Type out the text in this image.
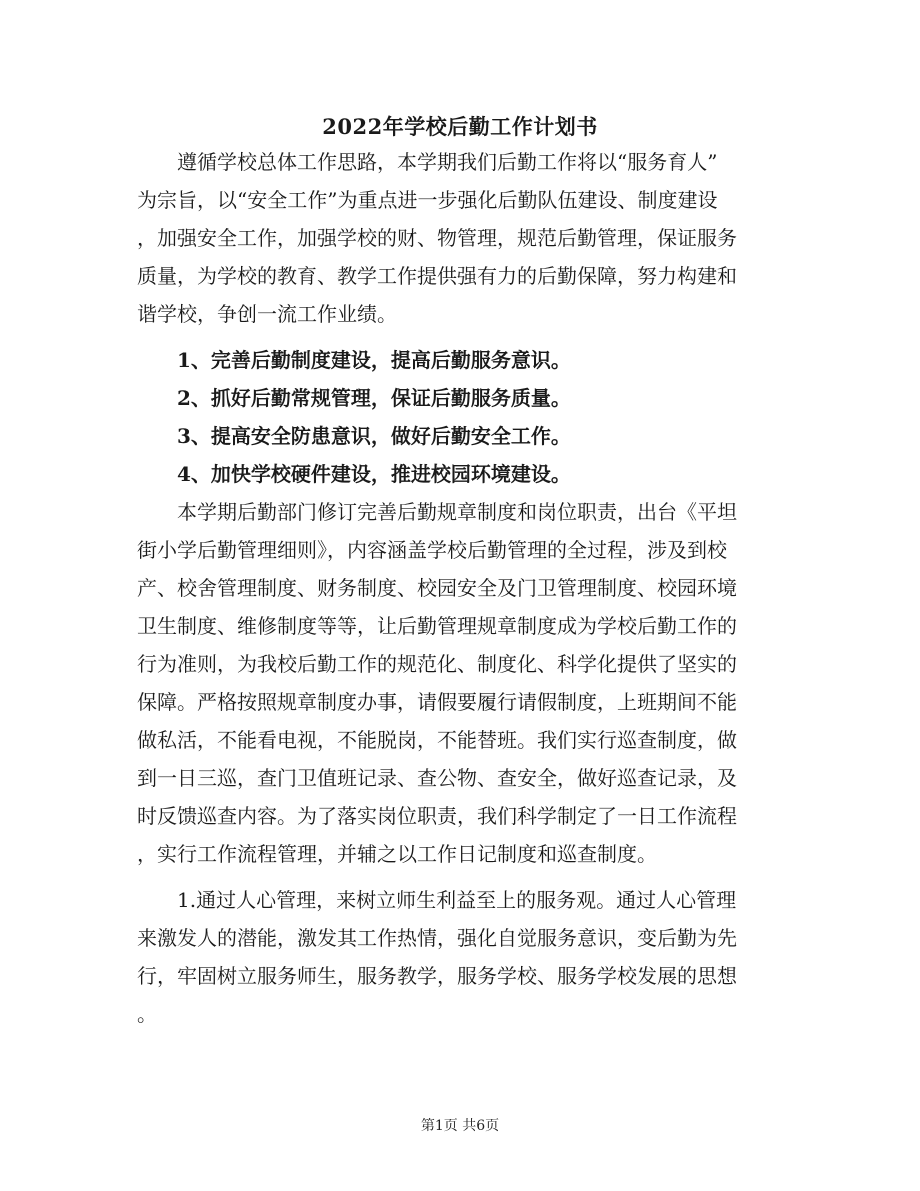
2022年学校后勤工作计划书
遵循学校总体工作思路，本学期我们后勤工作将以“服务育人”
为宗旨，以“安全工作”为重点进一步强化后勤队伍建设、制度建设
，加强安全工作，加强学校的财、物管理，规范后勤管理，保证服务
质量，为学校的教育、教学工作提供强有力的后勤保障，努力构建和
谐学校，争创一流工作业绩。
1、完善后勤制度建设，提高后勤服务意识。
2、抓好后勤常规管理，保证后勤服务质量。
3、提高安全防患意识，做好后勤安全工作。
4、加快学校硬件建设，推进校园环境建设。
本学期后勤部门修订完善后勤规章制度和岗位职责，出台《平坦
街小学后勤管理细则》，内容涵盖学校后勤管理的全过程，涉及到校
产、校舍管理制度、财务制度、校园安全及门卫管理制度、校园环境
卫生制度、维修制度等等，让后勤管理规章制度成为学校后勤工作的
行为准则，为我校后勤工作的规范化、制度化、科学化提供了坚实的
保障。严格按照规章制度办事，请假要履行请假制度，上班期间不能
做私活，不能看电视，不能脱岗，不能替班。我们实行巡查制度，做
到一日三巡，查门卫值班记录、查公物、查安全，做好巡查记录，及
时反馈巡查内容。为了落实岗位职责，我们科学制定了一日工作流程
，实行工作流程管理，并辅之以工作日记制度和巡查制度。
1.通过人心管理，来树立师生利益至上的服务观。通过人心管理
来激发人的潜能，激发其工作热情，强化自觉服务意识，变后勤为先
行，牢固树立服务师生，服务教学，服务学校、服务学校发展的思想
。
第1页 共6页
